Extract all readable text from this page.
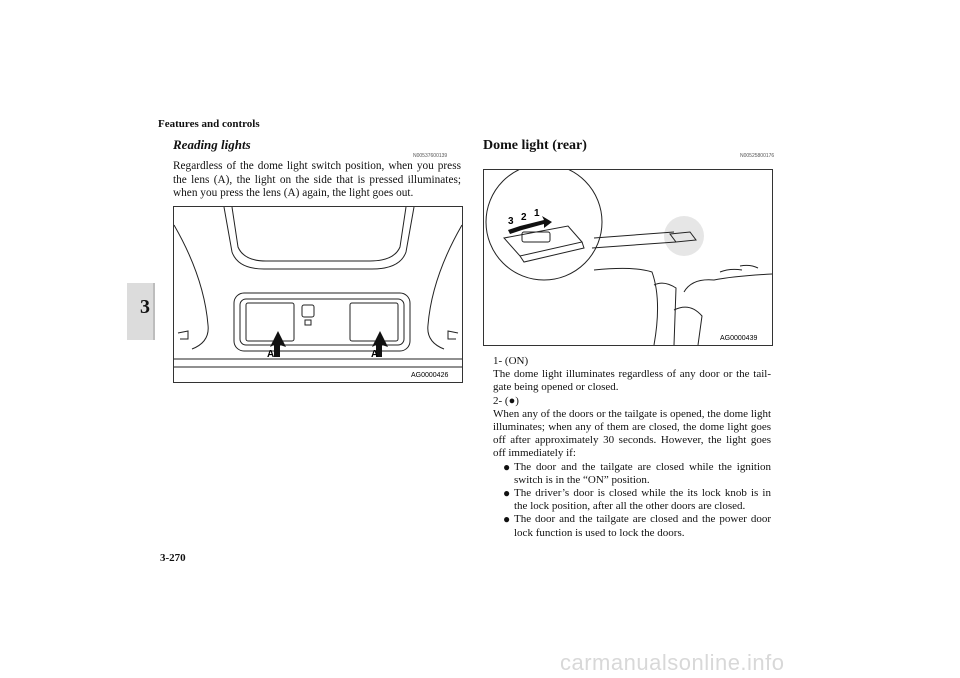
Features and controls
3
Reading lights
N00537600139

Regardless of the dome light switch position, when you press the lens (A), the light on the side that is pressed illuminates; when you press the lens (A) again, the light goes out.

A	A
AG0000426
Dome light (rear)
N00525800176
3 2 1
AG0000439

1- (ON)

The dome light illuminates regardless of any door or the tail-gate being opened or closed.

2- (●)

When any of the doors or the tailgate is opened, the dome light illuminates; when any of them are closed, the dome light goes off after approximately 30 seconds. However, the light goes off immediately if:

● The door and the tailgate are closed while the ignition switch is in the “ON” position.
● The driver’s door is closed while the its lock knob is in the lock position, after all the other doors are closed.
● The door and the tailgate are closed and the power door lock function is used to lock the doors.
3-270
carmanualsonline.info
